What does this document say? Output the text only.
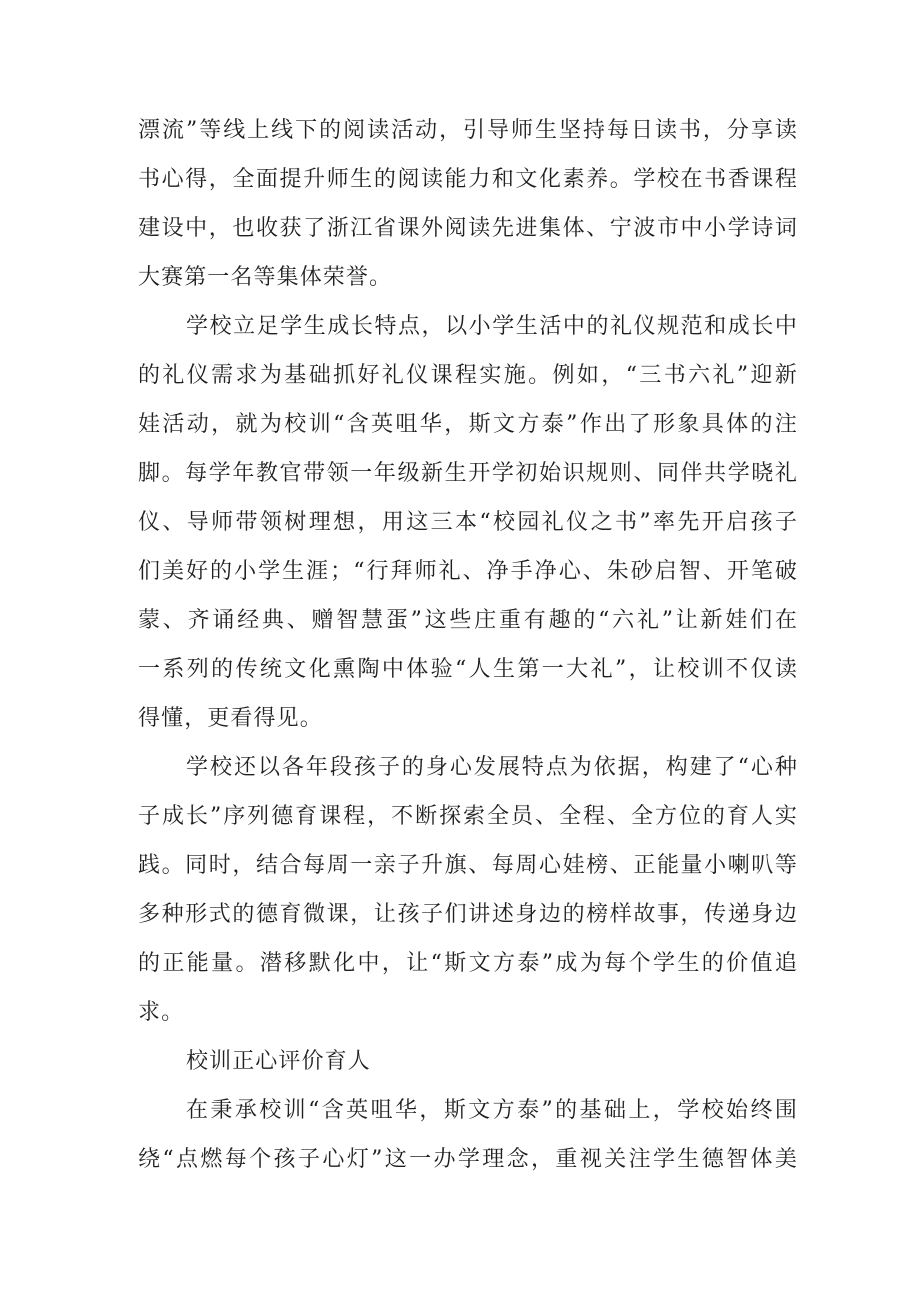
漂流”等线上线下的阅读活动，引导师生坚持每日读书，分享读
书心得，全面提升师生的阅读能力和文化素养。学校在书香课程
建设中，也收获了浙江省课外阅读先进集体、宁波市中小学诗词
大赛第一名等集体荣誉。
学校立足学生成长特点，以小学生活中的礼仪规范和成长中
的礼仪需求为基础抓好礼仪课程实施。例如，“三书六礼”迎新
娃活动，就为校训“含英咀华，斯文方泰”作出了形象具体的注
脚。每学年教官带领一年级新生开学初始识规则、同伴共学晓礼
仪、导师带领树理想，用这三本“校园礼仪之书”率先开启孩子
们美好的小学生涯；“行拜师礼、净手净心、朱砂启智、开笔破
蒙、齐诵经典、赠智慧蛋”这些庄重有趣的“六礼”让新娃们在
一系列的传统文化熏陶中体验“人生第一大礼”，让校训不仅读
得懂，更看得见。
学校还以各年段孩子的身心发展特点为依据，构建了“心种
子成长”序列德育课程，不断探索全员、全程、全方位的育人实
践。同时，结合每周一亲子升旗、每周心娃榜、正能量小喇叭等
多种形式的德育微课，让孩子们讲述身边的榜样故事，传递身边
的正能量。潜移默化中，让“斯文方泰”成为每个学生的价值追
求。
校训正心评价育人
在秉承校训“含英咀华，斯文方泰”的基础上，学校始终围
绕“点燃每个孩子心灯”这一办学理念，重视关注学生德智体美
